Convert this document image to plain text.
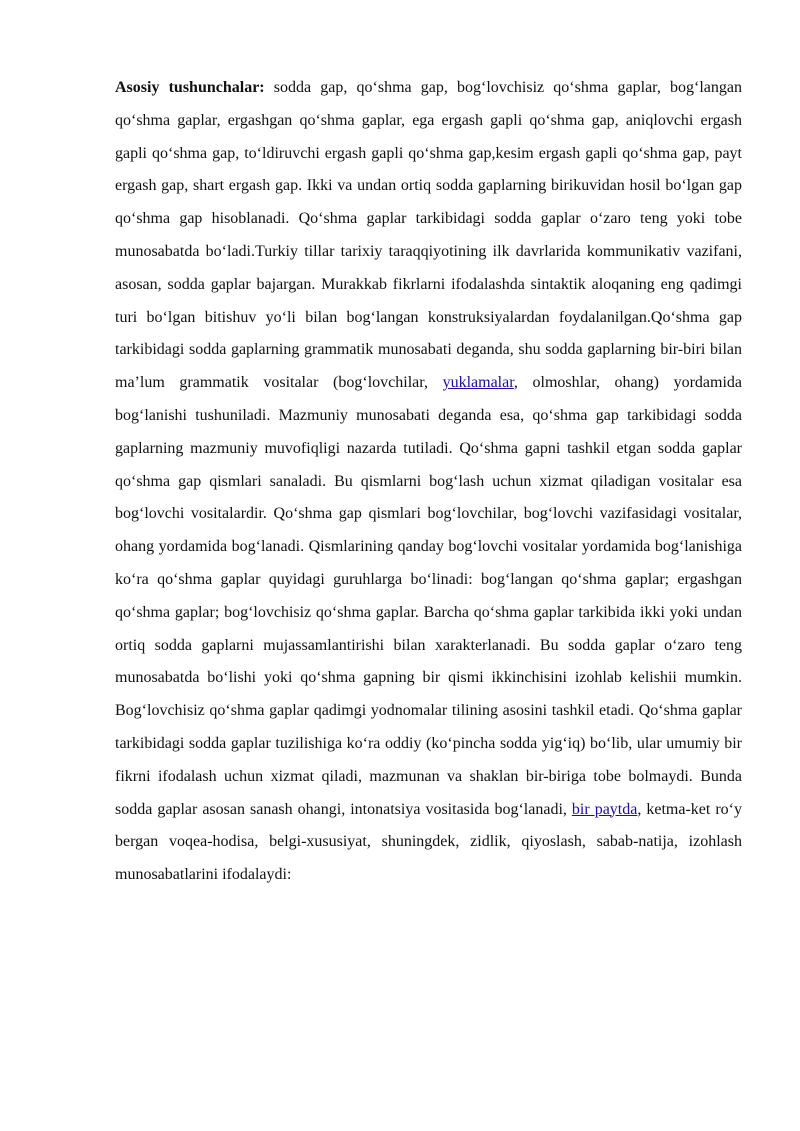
Asosiy tushunchalar: sodda gap, qo‘shma gap, bog‘lovchisiz qo‘shma gaplar, bog‘langan qo‘shma gaplar, ergashgan qo‘shma gaplar, ega ergash gapli qo‘shma gap, aniqlovchi ergash gapli qo‘shma gap, to‘ldiruvchi ergash gapli qo‘shma gap,kesim ergash gapli qo‘shma gap, payt ergash gap, shart ergash gap. Ikki va undan ortiq sodda gaplarning birikuvidan hosil bo‘lgan gap qo‘shma gap hisoblanadi. Qo‘shma gaplar tarkibidagi sodda gaplar o‘zaro teng yoki tobe munosabatda bo‘ladi.Turkiy tillar tarixiy taraqqiyotining ilk davrlarida kommunikativ vazifani, asosan, sodda gaplar bajargan. Murakkab fikrlarni ifodalashda sintaktik aloqaning eng qadimgi turi bo‘lgan bitishuv yo‘li bilan bog‘langan konstruksiyalardan foydalanilgan.Qo‘shma gap tarkibidagi sodda gaplarning grammatik munosabati deganda, shu sodda gaplarning bir-biri bilan ma’lum grammatik vositalar (bog‘lovchilar, yuklamalar, olmoshlar, ohang) yordamida bog‘lanishi tushuniladi. Mazmuniy munosabati deganda esa, qo‘shma gap tarkibidagi sodda gaplarning mazmuniy muvofiqligi nazarda tutiladi. Qo‘shma gapni tashkil etgan sodda gaplar qo‘shma gap qismlari sanaladi. Bu qismlarni bog‘lash uchun xizmat qiladigan vositalar esa bog‘lovchi vositalardir. Qo‘shma gap qismlari bog‘lovchilar, bog‘lovchi vazifasidagi vositalar, ohang yordamida bog‘lanadi. Qismlarining qanday bog‘lovchi vositalar yordamida bog‘lanishiga ko‘ra qo‘shma gaplar quyidagi guruhlarga bo‘linadi: bog‘langan qo‘shma gaplar; ergashgan qo‘shma gaplar; bog‘lovchisiz qo‘shma gaplar. Barcha qo‘shma gaplar tarkibida ikki yoki undan ortiq sodda gaplarni mujassamlantirishi bilan xarakterlanadi. Bu sodda gaplar o‘zaro teng munosabatda bo‘lishi yoki qo‘shma gapning bir qismi ikkinchisini izohlab kelishii mumkin. Bog‘lovchisiz qo‘shma gaplar qadimgi yodnomalar tilining asosini tashkil etadi. Qo‘shma gaplar tarkibidagi sodda gaplar tuzilishiga ko‘ra oddiy (ko‘pincha sodda yig‘iq) bo‘lib, ular umumiy bir fikrni ifodalash uchun xizmat qiladi, mazmunan va shaklan bir-biriga tobe bolmaydi. Bunda sodda gaplar asosan sanash ohangi, intonatsiya vositasida bog‘lanadi, bir paytda, ketma-ket ro‘y bergan voqea-hodisa, belgi-xususiyat, shuningdek, zidlik, qiyoslash, sabab-natija, izohlash munosabatlarini ifodalaydi:
